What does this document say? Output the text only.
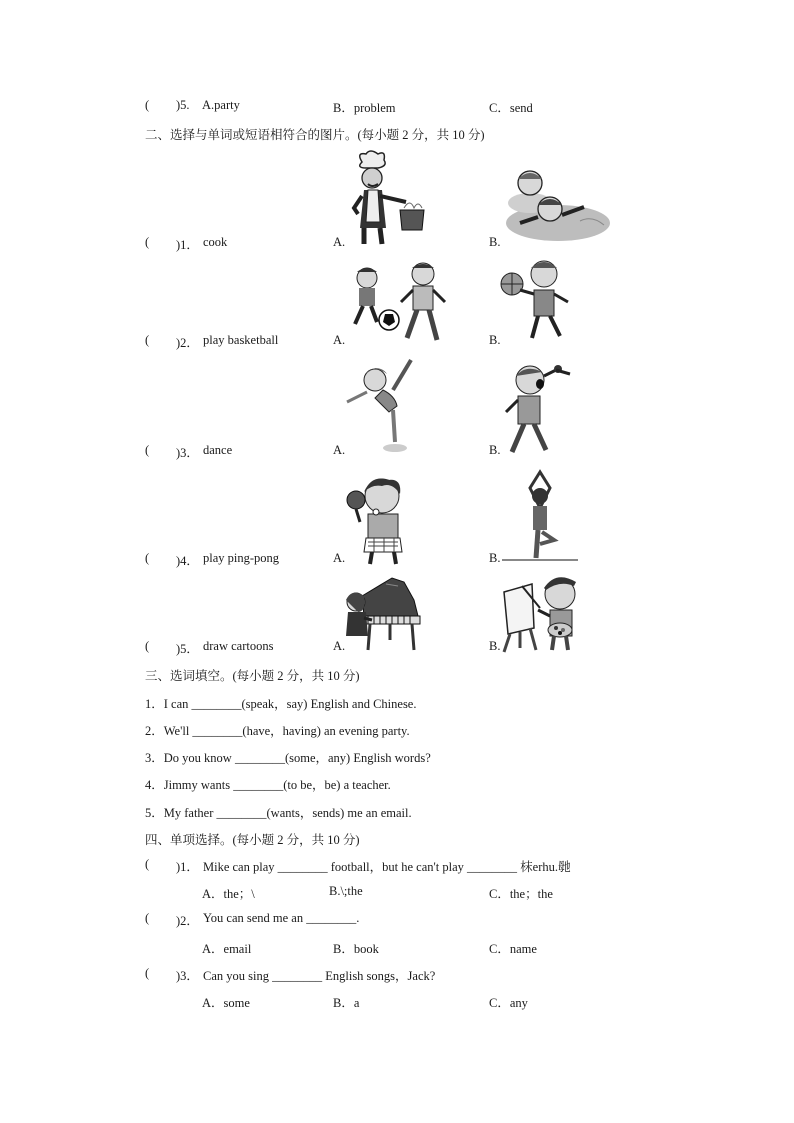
( )5. A.party	B．problem	C．send
二、选择与单词或短语相符合的图片。(每小题 2 分，共 10 分)
( )1． cook	A.	B.
( )2． play basketball	A.	B.
( )3． dance	A.	B.
( )4． play ping-pong	A.	B.
( )5． draw cartoons	A.	B.
三、选词填空。(每小题 2 分，共 10 分)
1．I can ________(speak，say) English and Chinese.
2．We'll ________(have，having) an evening party.
3．Do you know ________(some，any) English words?
4．Jimmy wants ________(to be，be) a teacher.
5．My father ________(wants，sends) me an email.
四、单项选择。(每小题 2 分，共 10 分)
( )1． Mike can play ________ football，but he can't play ________ 枺erhu.毑
A．the；\	B.\;the	C．the；the
( )2． You can send me an ________.
A．email	B．book	C．name
( )3． Can you sing ________ English songs，Jack?
A．some	B．a	C．any
